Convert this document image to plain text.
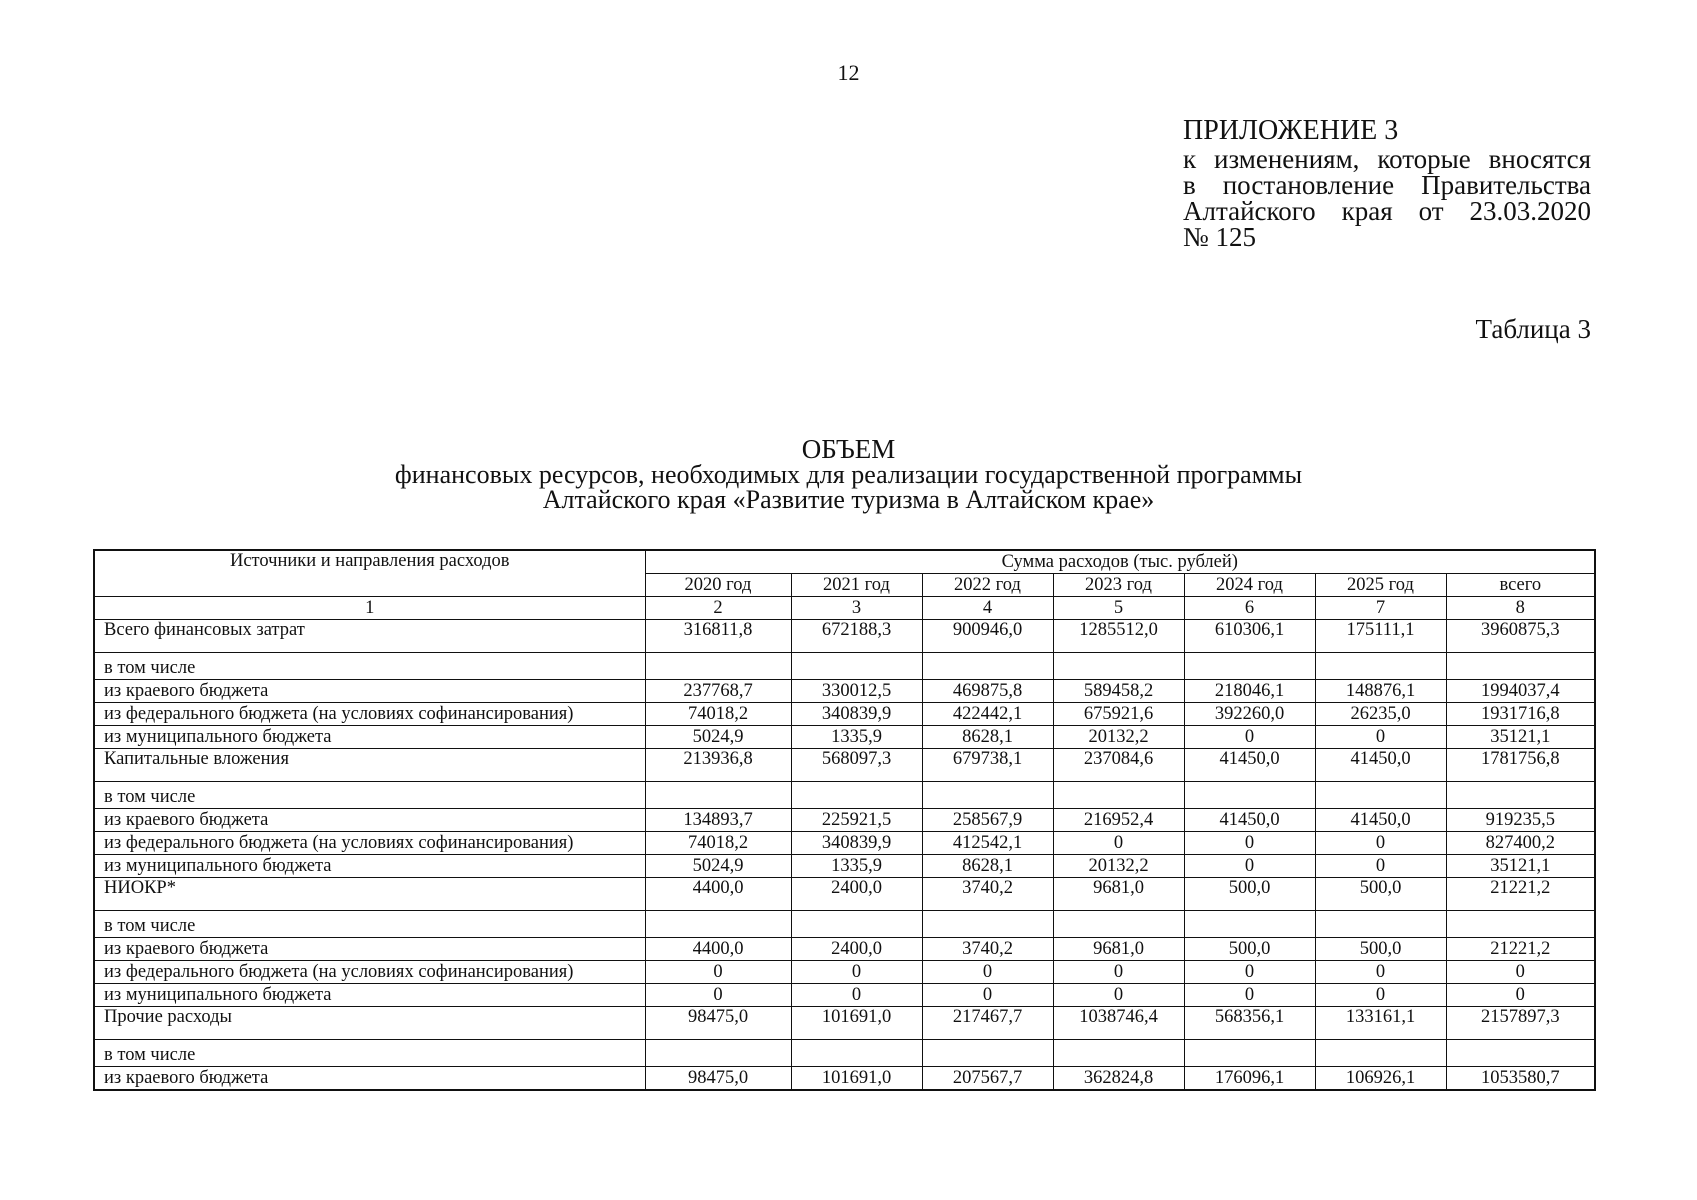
12
ПРИЛОЖЕНИЕ 3
к изменениям, которые вносятся
в постановление Правительства
Алтайского края от 23.03.2020
№ 125
Таблица 3
ОБЪЕМ
финансовых ресурсов, необходимых для реализации государственной программы
Алтайского края «Развитие туризма в Алтайском крае»
Источники и направления расходов	Сумма расходов (тыс. рублей)						
	2020 год	2021 год	2022 год	2023 год	2024 год	2025 год	всего
1	2	3	4	5	6	7	8
Всего финансовых затрат	316811,8	672188,3	900946,0	1285512,0	610306,1	175111,1	3960875,3
в том числе							
из краевого бюджета	237768,7	330012,5	469875,8	589458,2	218046,1	148876,1	1994037,4
из федерального бюджета (на условиях софинансирования)	74018,2	340839,9	422442,1	675921,6	392260,0	26235,0	1931716,8
из муниципального бюджета	5024,9	1335,9	8628,1	20132,2	0	0	35121,1
Капитальные вложения	213936,8	568097,3	679738,1	237084,6	41450,0	41450,0	1781756,8
в том числе							
из краевого бюджета	134893,7	225921,5	258567,9	216952,4	41450,0	41450,0	919235,5
из федерального бюджета (на условиях софинансирования)	74018,2	340839,9	412542,1	0	0	0	827400,2
из муниципального бюджета	5024,9	1335,9	8628,1	20132,2	0	0	35121,1
НИОКР*	4400,0	2400,0	3740,2	9681,0	500,0	500,0	21221,2
в том числе							
из краевого бюджета	4400,0	2400,0	3740,2	9681,0	500,0	500,0	21221,2
из федерального бюджета (на условиях софинансирования)	0	0	0	0	0	0	0
из муниципального бюджета	0	0	0	0	0	0	0
Прочие расходы	98475,0	101691,0	217467,7	1038746,4	568356,1	133161,1	2157897,3
в том числе							
из краевого бюджета	98475,0	101691,0	207567,7	362824,8	176096,1	106926,1	1053580,7
